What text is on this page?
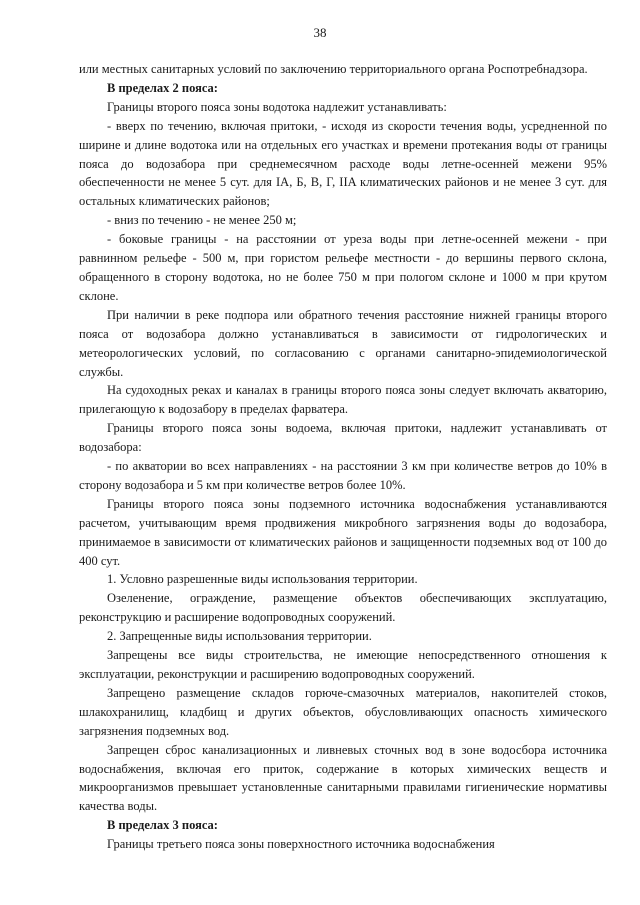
38

или местных санитарных условий по заключению территориального органа Роспотребнадзора.

В пределах 2 пояса:

Границы второго пояса зоны водотока надлежит устанавливать:

- вверх по течению, включая притоки, - исходя из скорости течения воды, усредненной по ширине и длине водотока или на отдельных его участках и времени протекания воды от границы пояса до водозабора при среднемесячном расходе воды летне-осенней межени 95% обеспеченности не менее 5 сут. для IA, Б, В, Г, IIA климатических районов и не менее 3 сут. для остальных климатических районов;

- вниз по течению - не менее 250 м;

- боковые границы - на расстоянии от уреза воды при летне-осенней межени - при равнинном рельефе - 500 м, при гористом рельефе местности - до вершины первого склона, обращенного в сторону водотока, но не более 750 м при пологом склоне и 1000 м при крутом склоне.

При наличии в реке подпора или обратного течения расстояние нижней границы второго пояса от водозабора должно устанавливаться в зависимости от гидрологических и метеорологических условий, по согласованию с органами санитарно-эпидемиологической службы.

На судоходных реках и каналах в границы второго пояса зоны следует включать акваторию, прилегающую к водозабору в пределах фарватера.

Границы второго пояса зоны водоема, включая притоки, надлежит устанавливать от водозабора:

- по акватории во всех направлениях - на расстоянии 3 км при количестве ветров до 10% в сторону водозабора и 5 км при количестве ветров более 10%.

Границы второго пояса зоны подземного источника водоснабжения устанавливаются расчетом, учитывающим время продвижения микробного загрязнения воды до водозабора, принимаемое в зависимости от климатических районов и защищенности подземных вод от 100 до 400 сут.

1. Условно разрешенные виды использования территории.

Озеленение, ограждение, размещение объектов обеспечивающих эксплуатацию, реконструкцию и расширение водопроводных сооружений.

2. Запрещенные виды использования территории.

Запрещены все виды строительства, не имеющие непосредственного отношения к эксплуатации, реконструкции и расширению водопроводных сооружений.

Запрещено размещение складов горюче-смазочных материалов, накопителей стоков, шлакохранилищ, кладбищ и других объектов, обусловливающих опасность химического загрязнения подземных вод.

Запрещен сброс канализационных и ливневых сточных вод в зоне водосбора источника водоснабжения, включая его приток, содержание в которых химических веществ и микроорганизмов превышает установленные санитарными правилами гигиенические нормативы качества воды.

В пределах 3 пояса:

Границы третьего пояса зоны поверхностного источника водоснабжения
